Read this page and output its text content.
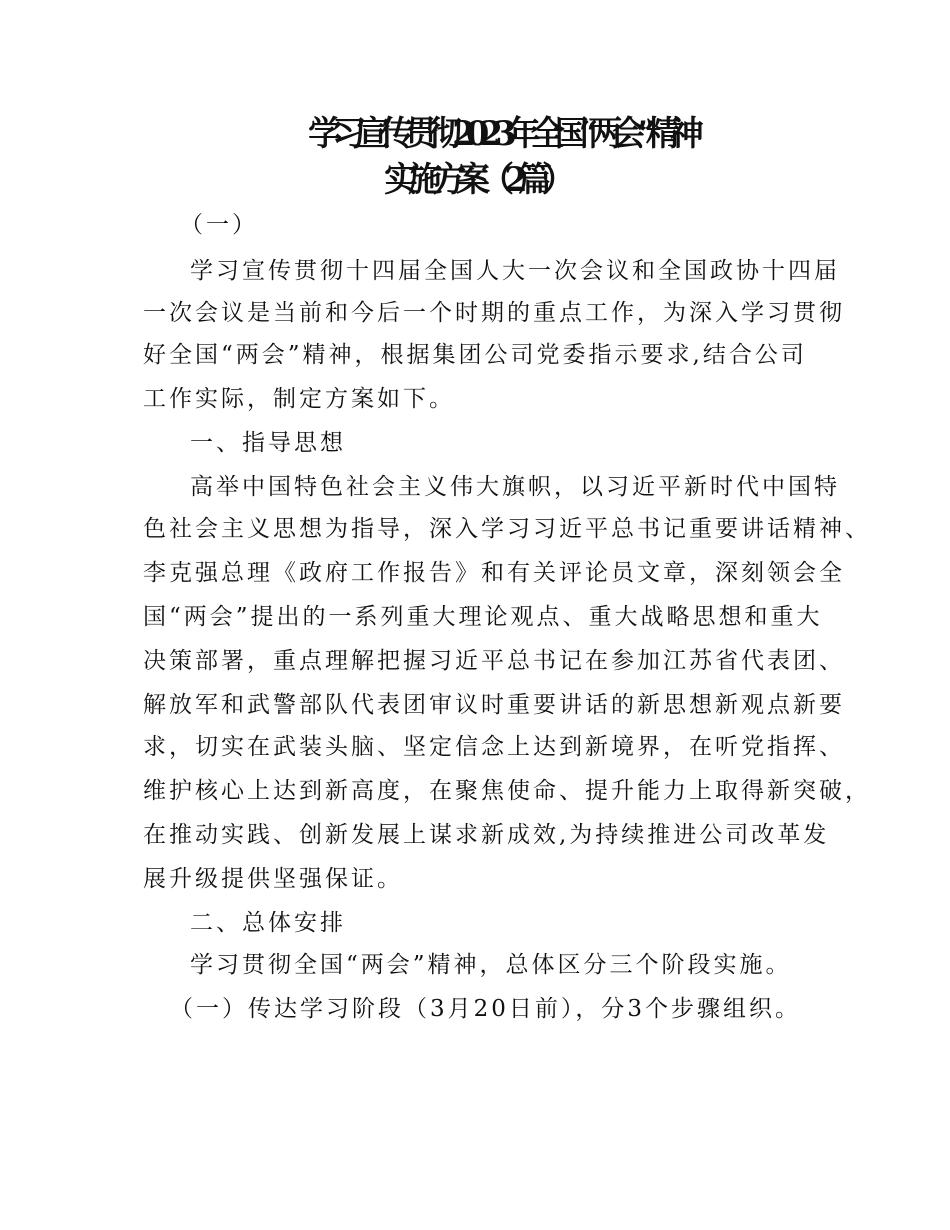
学习宣传贯彻2023年全国“两会”精神
实施方案（2篇）
（一）
学习宣传贯彻十四届全国人大一次会议和全国政协十四届
一次会议是当前和今后一个时期的重点工作，为深入学习贯彻
好全国“两会”精神，根据集团公司党委指示要求,结合公司
工作实际，制定方案如下。
一、指导思想
高举中国特色社会主义伟大旗帜，以习近平新时代中国特
色社会主义思想为指导，深入学习习近平总书记重要讲话精神、
李克强总理《政府工作报告》和有关评论员文章，深刻领会全
国“两会”提出的一系列重大理论观点、重大战略思想和重大
决策部署，重点理解把握习近平总书记在参加江苏省代表团、
解放军和武警部队代表团审议时重要讲话的新思想新观点新要
求，切实在武装头脑、坚定信念上达到新境界，在听党指挥、
维护核心上达到新高度，在聚焦使命、提升能力上取得新突破，
在推动实践、创新发展上谋求新成效,为持续推进公司改革发
展升级提供坚强保证。
二、总体安排
学习贯彻全国“两会”精神，总体区分三个阶段实施。
（一）传达学习阶段（3月20日前），分3个步骤组织。
